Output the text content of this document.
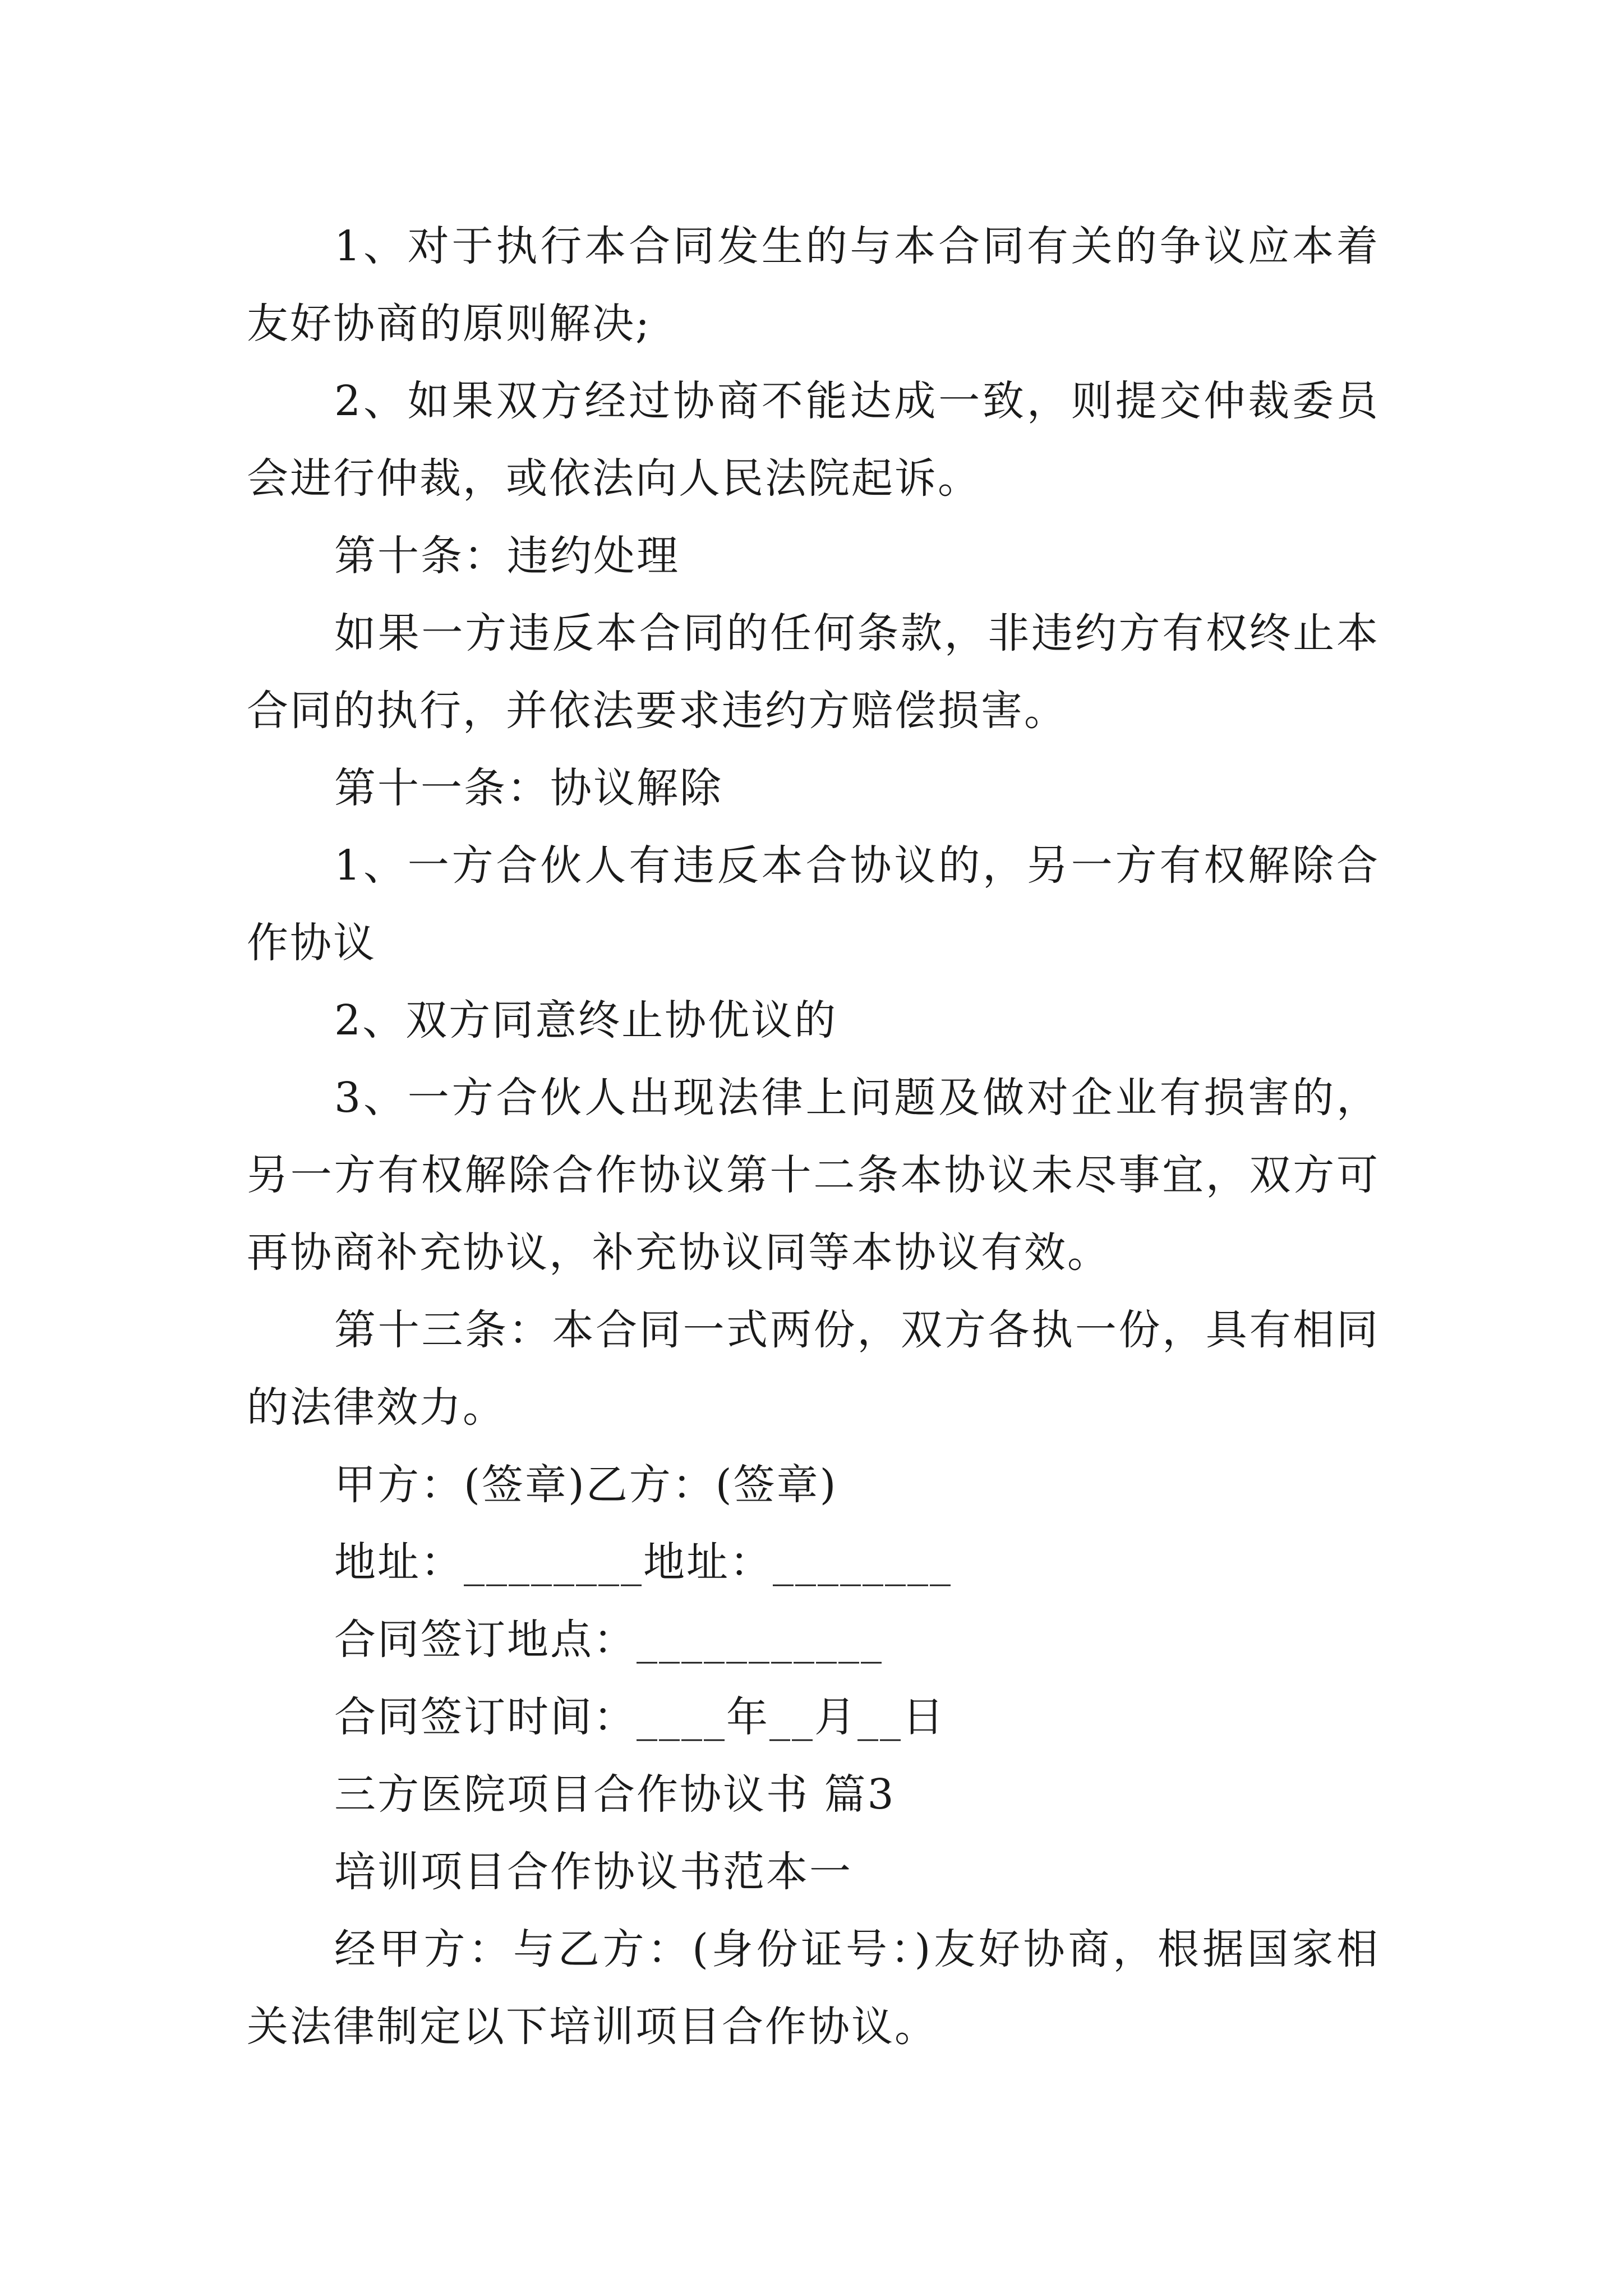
1、对于执行本合同发生的与本合同有关的争议应本着友好协商的原则解决;

2、如果双方经过协商不能达成一致，则提交仲裁委员会进行仲裁，或依法向人民法院起诉。

第十条：违约处理

如果一方违反本合同的任何条款，非违约方有权终止本合同的执行，并依法要求违约方赔偿损害。

第十一条：协议解除

1、一方合伙人有违反本合协议的，另一方有权解除合作协议

2、双方同意终止协优议的

3、一方合伙人出现法律上问题及做对企业有损害的，另一方有权解除合作协议第十二条本协议未尽事宜，双方可再协商补充协议，补充协议同等本协议有效。

第十三条：本合同一式两份，双方各执一份，具有相同的法律效力。

甲方：(签章)乙方：(签章)

地址：________地址：________

合同签订地点：___________

合同签订时间：____年__月__日

三方医院项目合作协议书 篇3

培训项目合作协议书范本一

经甲方：与乙方：(身份证号：)友好协商，根据国家相关法律制定以下培训项目合作协议。
